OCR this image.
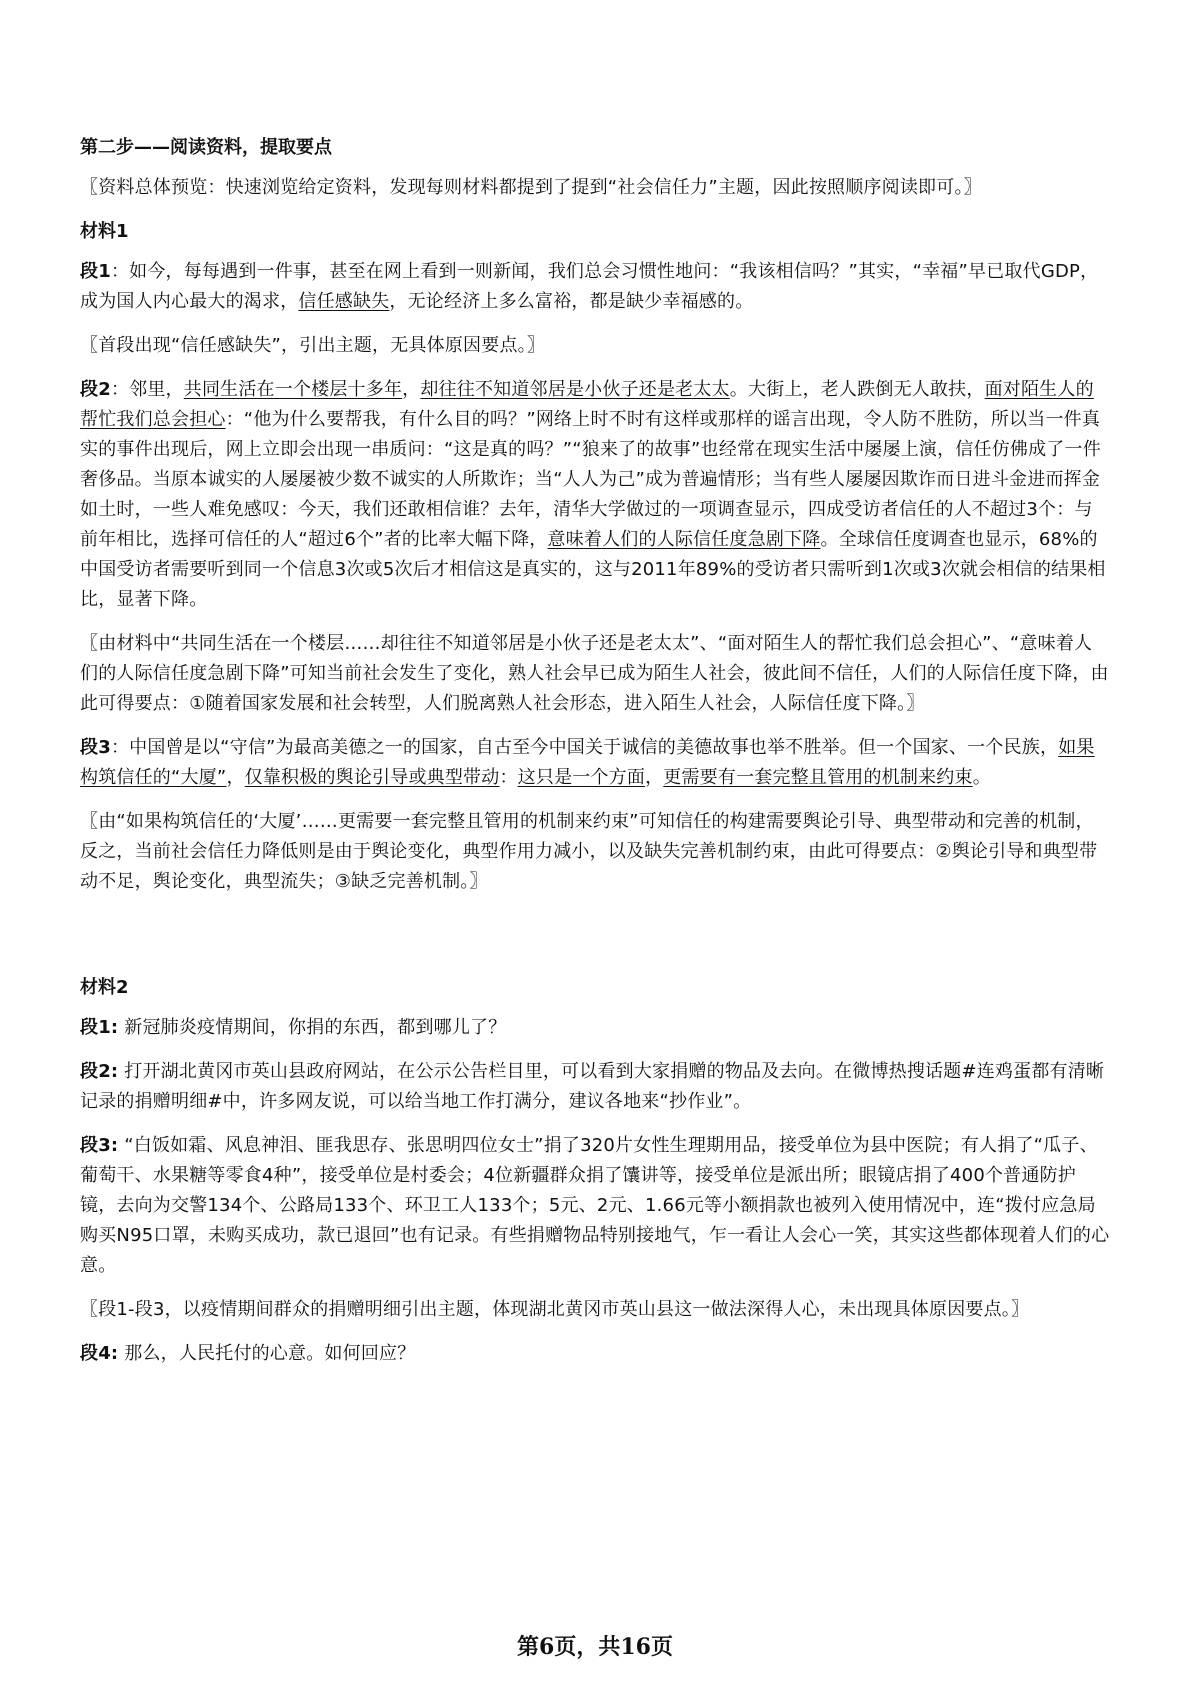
第二步——阅读资料，提取要点

〖资料总体预览：快速浏览给定资料，发现每则材料都提到了提到“社会信任力”主题，因此按照顺序阅读即可。〗

材料1

段1：如今，每每遇到一件事，甚至在网上看到一则新闻，我们总会习惯性地问：“我该相信吗？”其实，“幸福”早已取代GDP，成为国人内心最大的渴求，信任感缺失，无论经济上多么富裕，都是缺少幸福感的。

〖首段出现“信任感缺失”，引出主题，无具体原因要点。〗

段2：邻里，共同生活在一个楼层十多年，却往往不知道邻居是小伙子还是老太太。大街上，老人跌倒无人敢扶，面对陌生人的帮忙我们总会担心：“他为什么要帮我，有什么目的吗？”网络上时不时有这样或那样的谣言出现，令人防不胜防，所以当一件真实的事件出现后，网上立即会出现一串质问：“这是真的吗？”“狼来了的故事”也经常在现实生活中屡屡上演，信任仿佛成了一件奢侈品。当原本诚实的人屡屡被少数不诚实的人所欺诈；当“人人为己”成为普遍情形；当有些人屡屡因欺诈而日进斗金进而挥金如土时，一些人难免感叹：今天，我们还敢相信谁？去年，清华大学做过的一项调查显示，四成受访者信任的人不超过3个：与前年相比，选择可信任的人“超过6个”者的比率大幅下降，意味着人们的人际信任度急剧下降。全球信任度调查也显示，68%的中国受访者需要听到同一个信息3次或5次后才相信这是真实的，这与2011年89%的受访者只需听到1次或3次就会相信的结果相比，显著下降。

〖由材料中“共同生活在一个楼层……却往往不知道邻居是小伙子还是老太太”、“面对陌生人的帮忙我们总会担心”、“意味着人们的人际信任度急剧下降”可知当前社会发生了变化，熟人社会早已成为陌生人社会，彼此间不信任，人们的人际信任度下降，由此可得要点：①随着国家发展和社会转型，人们脱离熟人社会形态，进入陌生人社会，人际信任度下降。〗

段3：中国曾是以“守信”为最高美德之一的国家，自古至今中国关于诚信的美德故事也举不胜举。但一个国家、一个民族，如果构筑信任的“大厦”，仅靠积极的舆论引导或典型带动：这只是一个方面，更需要有一套完整且管用的机制来约束。

〖由“如果构筑信任的‘大厦’……更需要一套完整且管用的机制来约束”可知信任的构建需要舆论引导、典型带动和完善的机制，反之，当前社会信任力降低则是由于舆论变化，典型作用力减小，以及缺失完善机制约束，由此可得要点：②舆论引导和典型带动不足，舆论变化，典型流失；③缺乏完善机制。〗

材料2

段1: 新冠肺炎疫情期间，你捐的东西，都到哪儿了？

段2: 打开湖北黄冈市英山县政府网站，在公示公告栏目里，可以看到大家捐赠的物品及去向。在微博热搜话题#连鸡蛋都有清晰记录的捐赠明细#中，许多网友说，可以给当地工作打满分，建议各地来“抄作业”。

段3: “白饭如霜、风息神泪、匪我思存、张思明四位女士”捐了320片女性生理期用品，接受单位为县中医院；有人捐了“瓜子、葡萄干、水果糖等零食4种”，接受单位是村委会；4位新疆群众捐了馕讲等，接受单位是派出所；眼镜店捐了400个普通防护镜，去向为交警134个、公路局133个、环卫工人133个；5元、2元、1.66元等小额捐款也被列入使用情况中，连“拨付应急局购买N95口罩，未购买成功，款已退回”也有记录。有些捐赠物品特别接地气，乍一看让人会心一笑，其实这些都体现着人们的心意。

〖段1-段3，以疫情期间群众的捐赠明细引出主题，体现湖北黄冈市英山县这一做法深得人心，未出现具体原因要点。〗

段4: 那么，人民托付的心意。如何回应？

第6页，共16页
